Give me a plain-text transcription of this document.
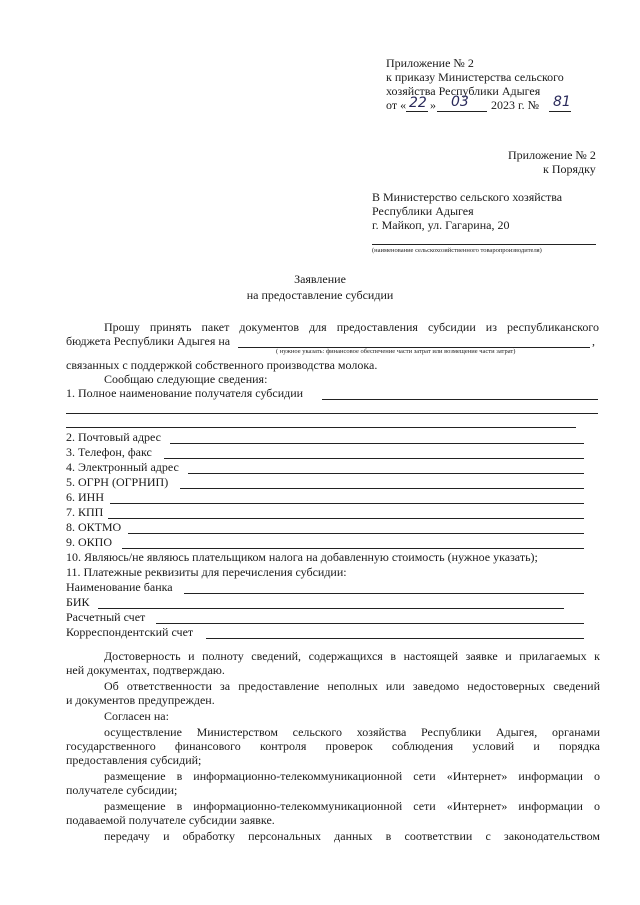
Приложение № 2
к приказу Министерства сельского
хозяйства Республики Адыгея
от « 22 » 03 2023 г. № 81
Приложение № 2
к Порядку
В Министерство сельского хозяйства
Республики Адыгея
г. Майкоп, ул. Гагарина, 20
(наименование сельскохозяйственного товаропроизводителя)
Заявление
на предоставление субсидии
Прошу принять пакет документов для предоставления субсидии из республиканского
бюджета Республики Адыгея на	,
( нужное указать: финансовое обеспечение части затрат или возмещение части затрат)
связанных с поддержкой собственного производства молока.
Сообщаю следующие сведения:
1. Полное наименование получателя субсидии
2. Почтовый адрес
3. Телефон, факс
4. Электронный адрес
5. ОГРН (ОГРНИП)
6. ИНН
7. КПП
8. ОКТМО
9. ОКПО
10. Являюсь/не являюсь плательщиком налога на добавленную стоимость (нужное указать);
11. Платежные реквизиты для перечисления субсидии:
Наименование банка
БИК
Расчетный счет
Корреспондентский счет
Достоверность и полноту сведений, содержащихся в настоящей заявке и прилагаемых к
ней документах, подтверждаю.
Об ответственности за предоставление неполных или заведомо недостоверных сведений
и документов предупрежден.
Согласен на:
осуществление Министерством сельского хозяйства Республики Адыгея, органами
государственного финансового контроля проверок соблюдения условий и порядка
предоставления субсидий;
размещение в информационно-телекоммуникационной сети «Интернет» информации о
получателе субсидии;
размещение в информационно-телекоммуникационной сети «Интернет» информации о
подаваемой получателе субсидии заявке.
передачу и обработку персональных данных в соответствии с законодательством
